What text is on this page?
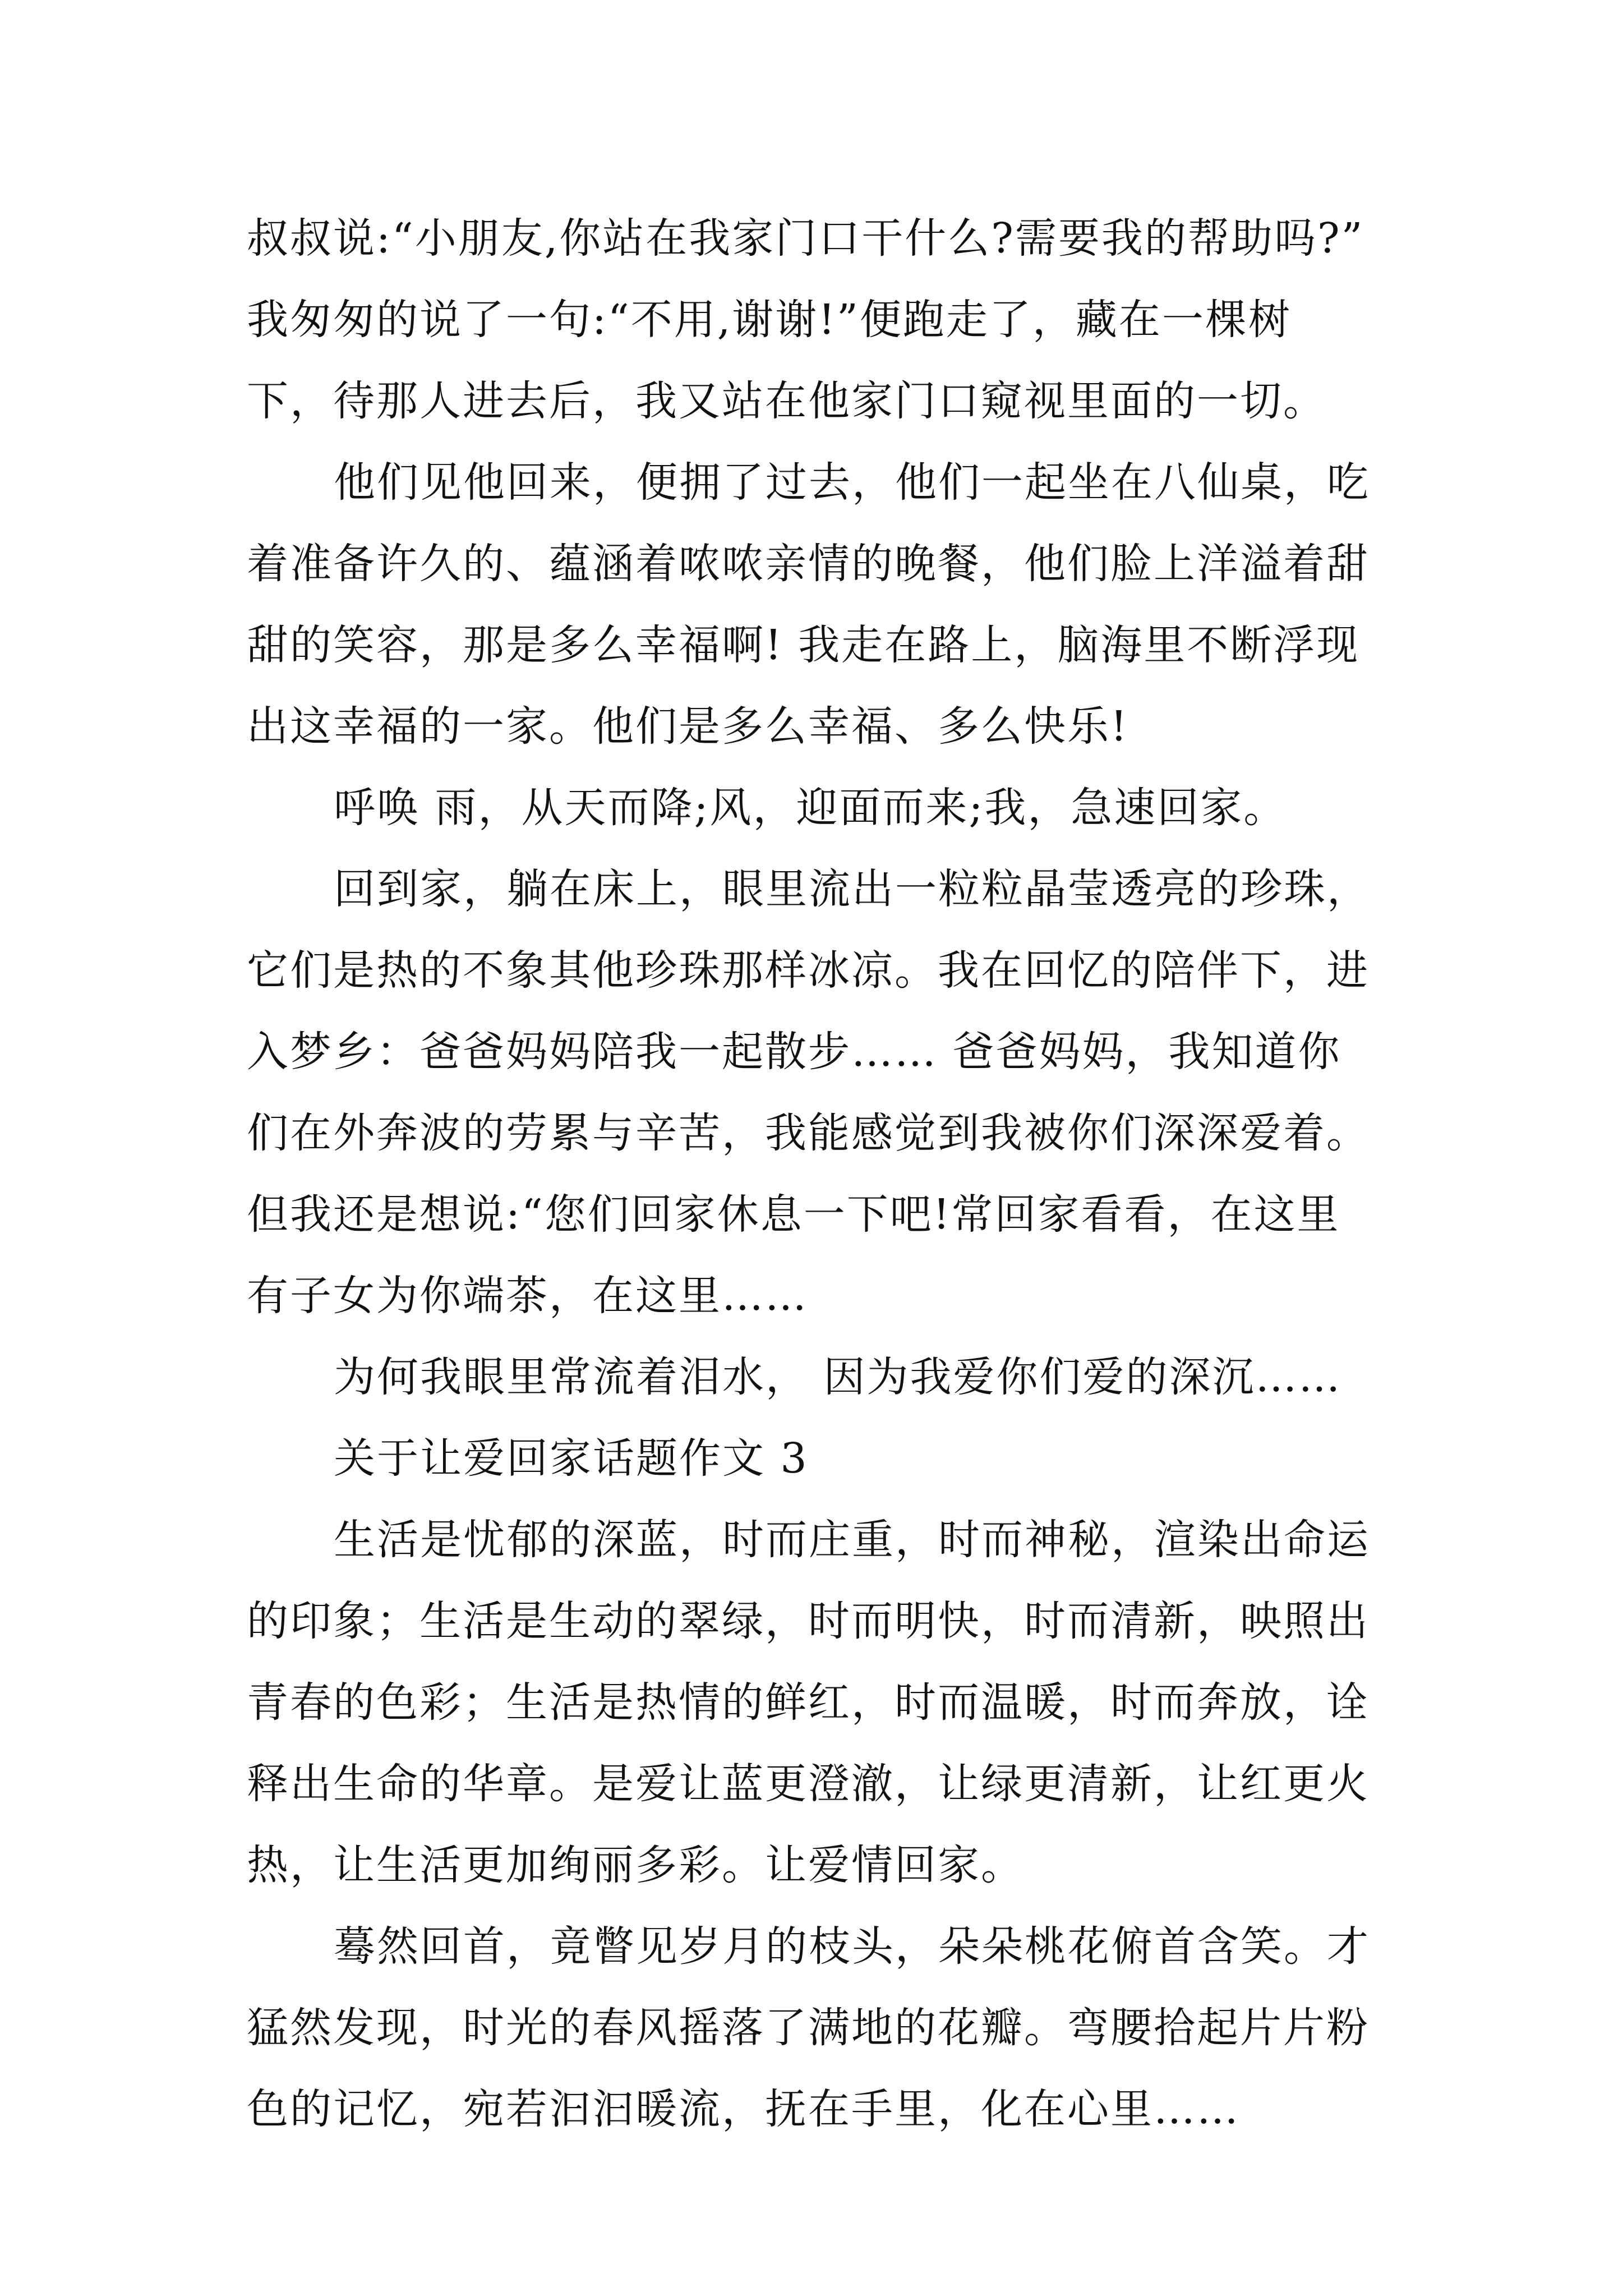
叔叔说:“小朋友,你站在我家门口干什么?需要我的帮助吗?”
我匆匆的说了一句:“不用,谢谢!”便跑走了，藏在一棵树
下，待那人进去后，我又站在他家门口窥视里面的一切。
他们见他回来，便拥了过去，他们一起坐在八仙桌，吃
着准备许久的、蕴涵着哝哝亲情的晚餐，他们脸上洋溢着甜
甜的笑容，那是多么幸福啊! 我走在路上，脑海里不断浮现
出这幸福的一家。他们是多么幸福、多么快乐!
呼唤 雨，从天而降;风，迎面而来;我，急速回家。
回到家，躺在床上，眼里流出一粒粒晶莹透亮的珍珠，
它们是热的不象其他珍珠那样冰凉。我在回忆的陪伴下，进
入梦乡：爸爸妈妈陪我一起散步…… 爸爸妈妈，我知道你
们在外奔波的劳累与辛苦，我能感觉到我被你们深深爱着。
但我还是想说:“您们回家休息一下吧!常回家看看，在这里
有子女为你端茶，在这里……
为何我眼里常流着泪水， 因为我爱你们爱的深沉……
关于让爱回家话题作文 3
生活是忧郁的深蓝，时而庄重，时而神秘，渲染出命运
的印象；生活是生动的翠绿，时而明快，时而清新，映照出
青春的色彩；生活是热情的鲜红，时而温暖，时而奔放，诠
释出生命的华章。是爱让蓝更澄澈，让绿更清新，让红更火
热，让生活更加绚丽多彩。让爱情回家。
蓦然回首，竟瞥见岁月的枝头，朵朵桃花俯首含笑。才
猛然发现，时光的春风摇落了满地的花瓣。弯腰拾起片片粉
色的记忆，宛若汩汩暖流，抚在手里，化在心里……
